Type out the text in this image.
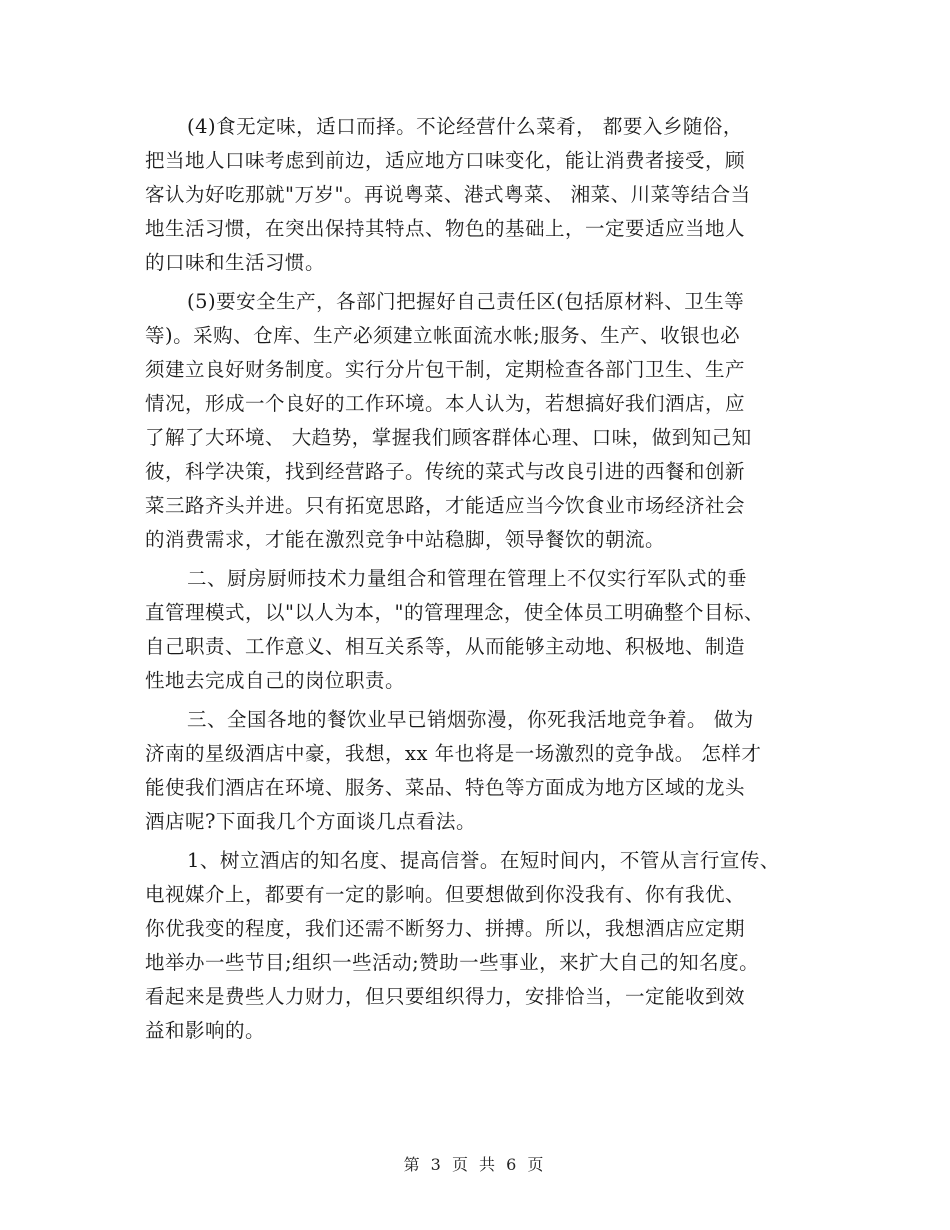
(4)食无定味，适口而择。不论经营什么菜肴， 都要入乡随俗，
把当地人口味考虑到前边，适应地方口味变化，能让消费者接受，顾
客认为好吃那就"万岁"。再说粤菜、港式粤菜、 湘菜、川菜等结合当
地生活习惯，在突出保持其特点、物色的基础上，一定要适应当地人
的口味和生活习惯。
(5)要安全生产，各部门把握好自己责任区(包括原材料、卫生等
等)。采购、仓库、生产必须建立帐面流水帐;服务、生产、收银也必
须建立良好财务制度。实行分片包干制，定期检查各部门卫生、生产
情况，形成一个良好的工作环境。本人认为，若想搞好我们酒店，应
了解了大环境、 大趋势，掌握我们顾客群体心理、口味，做到知己知
彼，科学决策，找到经营路子。传统的菜式与改良引进的西餐和创新
菜三路齐头并进。只有拓宽思路，才能适应当今饮食业市场经济社会
的消费需求，才能在激烈竞争中站稳脚，领导餐饮的朝流。
二、厨房厨师技术力量组合和管理在管理上不仅实行军队式的垂
直管理模式，以"以人为本，"的管理理念，使全体员工明确整个目标、
自己职责、工作意义、相互关系等，从而能够主动地、积极地、制造
性地去完成自己的岗位职责。
三、全国各地的餐饮业早已销烟弥漫，你死我活地竞争着。 做为
济南的星级酒店中豪，我想，xx 年也将是一场激烈的竞争战。 怎样才
能使我们酒店在环境、服务、菜品、特色等方面成为地方区域的龙头
酒店呢?下面我几个方面谈几点看法。
1、树立酒店的知名度、提高信誉。在短时间内，不管从言行宣传、
电视媒介上，都要有一定的影响。但要想做到你没我有、你有我优、
你优我变的程度，我们还需不断努力、拼搏。所以，我想酒店应定期
地举办一些节目;组织一些活动;赞助一些事业，来扩大自己的知名度。
看起来是费些人力财力，但只要组织得力，安排恰当，一定能收到效
益和影响的。
第 3 页 共 6 页
